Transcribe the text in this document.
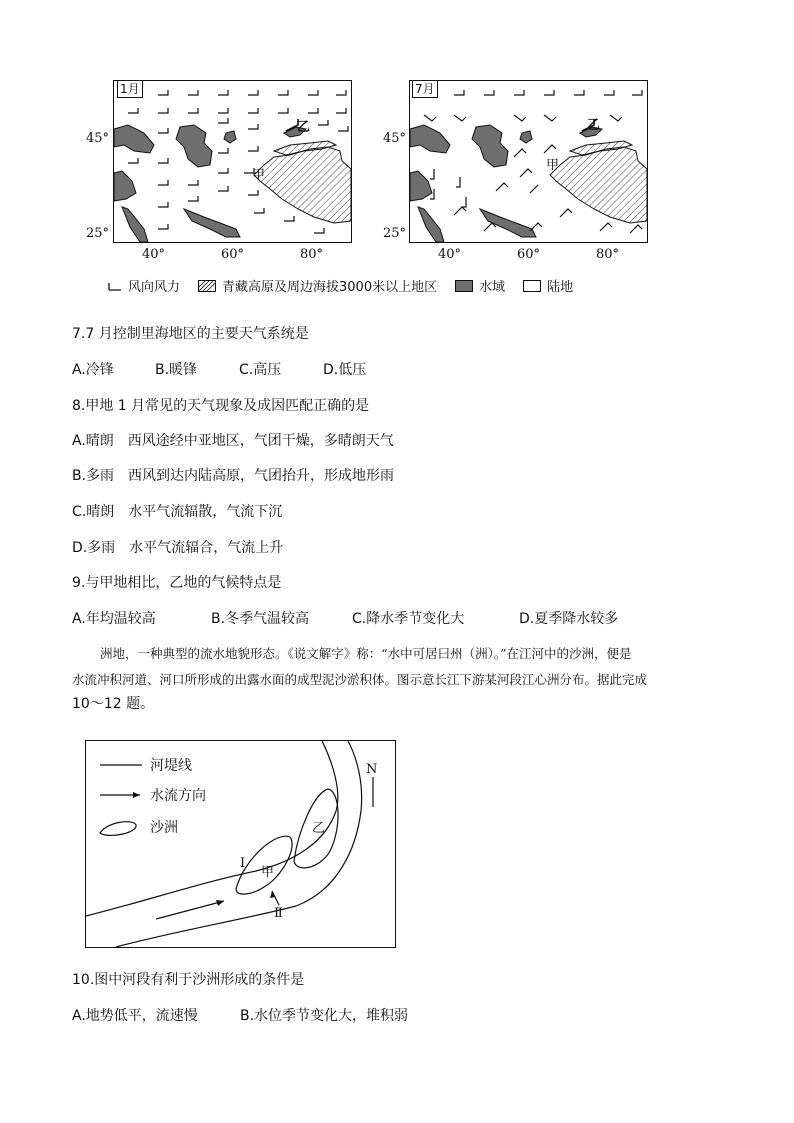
45°
25°
1月
乙
甲
40°	60°	80°
45°
25°
7月
乙
甲
40°	60°	80°
风向风力	青藏高原及周边海拔3000米以上地区	水域	陆地
7.7 月控制里海地区的主要天气系统是
A.冷锋	B.暖锋	C.高压	D.低压
8.甲地 1 月常见的天气现象及成因匹配正确的是
A.晴朗　西风途经中亚地区，气团干燥，多晴朗天气
B.多雨　西风到达内陆高原，气团抬升，形成地形雨
C.晴朗　水平气流辐散，气流下沉
D.多雨　水平气流辐合，气流上升
9.与甲地相比，乙地的气候特点是
A.年均温较高	B.冬季气温较高	C.降水季节变化大	D.夏季降水较多
洲地，一种典型的流水地貌形态。《说文解字》称：“水中可居曰州（洲）。”在江河中的沙洲，便是
水流冲积河道、河口所形成的出露水面的成型泥沙淤积体。图示意长江下游某河段江心洲分布。据此完成
10～12 题。
河堤线
水流方向
沙洲
N
甲
乙
Ⅰ
Ⅱ
10.图中河段有利于沙洲形成的条件是
A.地势低平，流速慢	B.水位季节变化大，堆积弱
